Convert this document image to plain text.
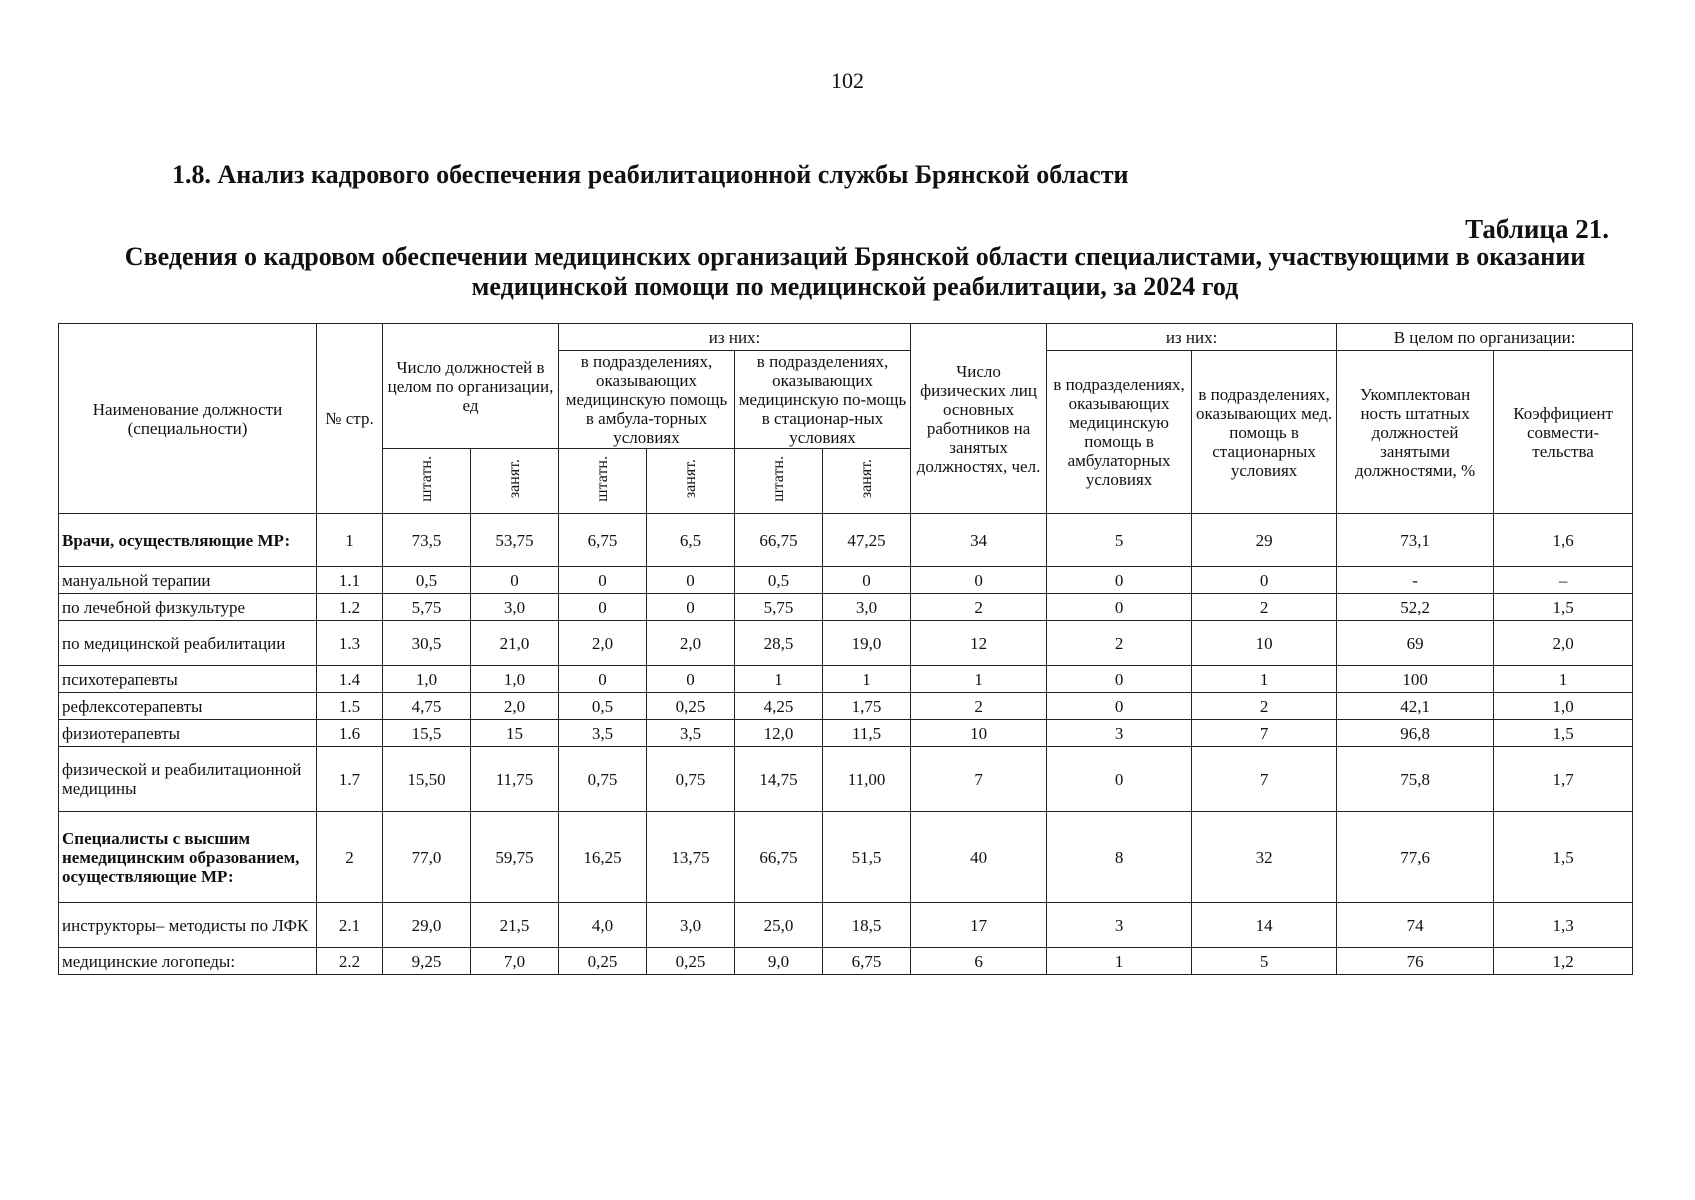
102
1.8. Анализ кадрового обеспечения реабилитационной службы Брянской области
Таблица 21.
Сведения о кадровом обеспечении медицинских организаций Брянской области специалистами, участвующими в оказании медицинской помощи по медицинской реабилитации, за 2024 год
Наименование должности (специальности)	№ стр.	Число должностей в целом по организации, ед		из них:				Число физических лиц основных работников на занятых должностях, чел.	из них:		В целом по организации:	
				в подразделениях, оказывающих медицинскую помощь в амбула-торных условиях		в подразделениях, оказывающих медицинскую по-мощь в стационар-ных условиях			в подразделениях, оказывающих медицинскую помощь в амбулаторных условиях	в подразделениях, оказывающих мед. помощь в стационарных условиях	Укомплектован ность штатных должностей занятыми должностями, %	Коэффициент совмести-тельства
		штатн.	занят.	штатн.	занят.	штатн.	занят.					
Врачи, осуществляющие МР:	1	73,5	53,75	6,75	6,5	66,75	47,25	34	5	29	73,1	1,6
мануальной терапии	1.1	0,5	0	0	0	0,5	0	0	0	0	-	–
по лечебной физкультуре	1.2	5,75	3,0	0	0	5,75	3,0	2	0	2	52,2	1,5
по медицинской реабилитации	1.3	30,5	21,0	2,0	2,0	28,5	19,0	12	2	10	69	2,0
психотерапевты	1.4	1,0	1,0	0	0	1	1	1	0	1	100	1
рефлексотерапевты	1.5	4,75	2,0	0,5	0,25	4,25	1,75	2	0	2	42,1	1,0
физиотерапевты	1.6	15,5	15	3,5	3,5	12,0	11,5	10	3	7	96,8	1,5
физической и реабилитационной медицины	1.7	15,50	11,75	0,75	0,75	14,75	11,00	7	0	7	75,8	1,7
Специалисты с высшим немедицинским образованием, осуществляющие МР:	2	77,0	59,75	16,25	13,75	66,75	51,5	40	8	32	77,6	1,5
инструкторы– методисты по ЛФК	2.1	29,0	21,5	4,0	3,0	25,0	18,5	17	3	14	74	1,3
медицинские логопеды:	2.2	9,25	7,0	0,25	0,25	9,0	6,75	6	1	5	76	1,2
